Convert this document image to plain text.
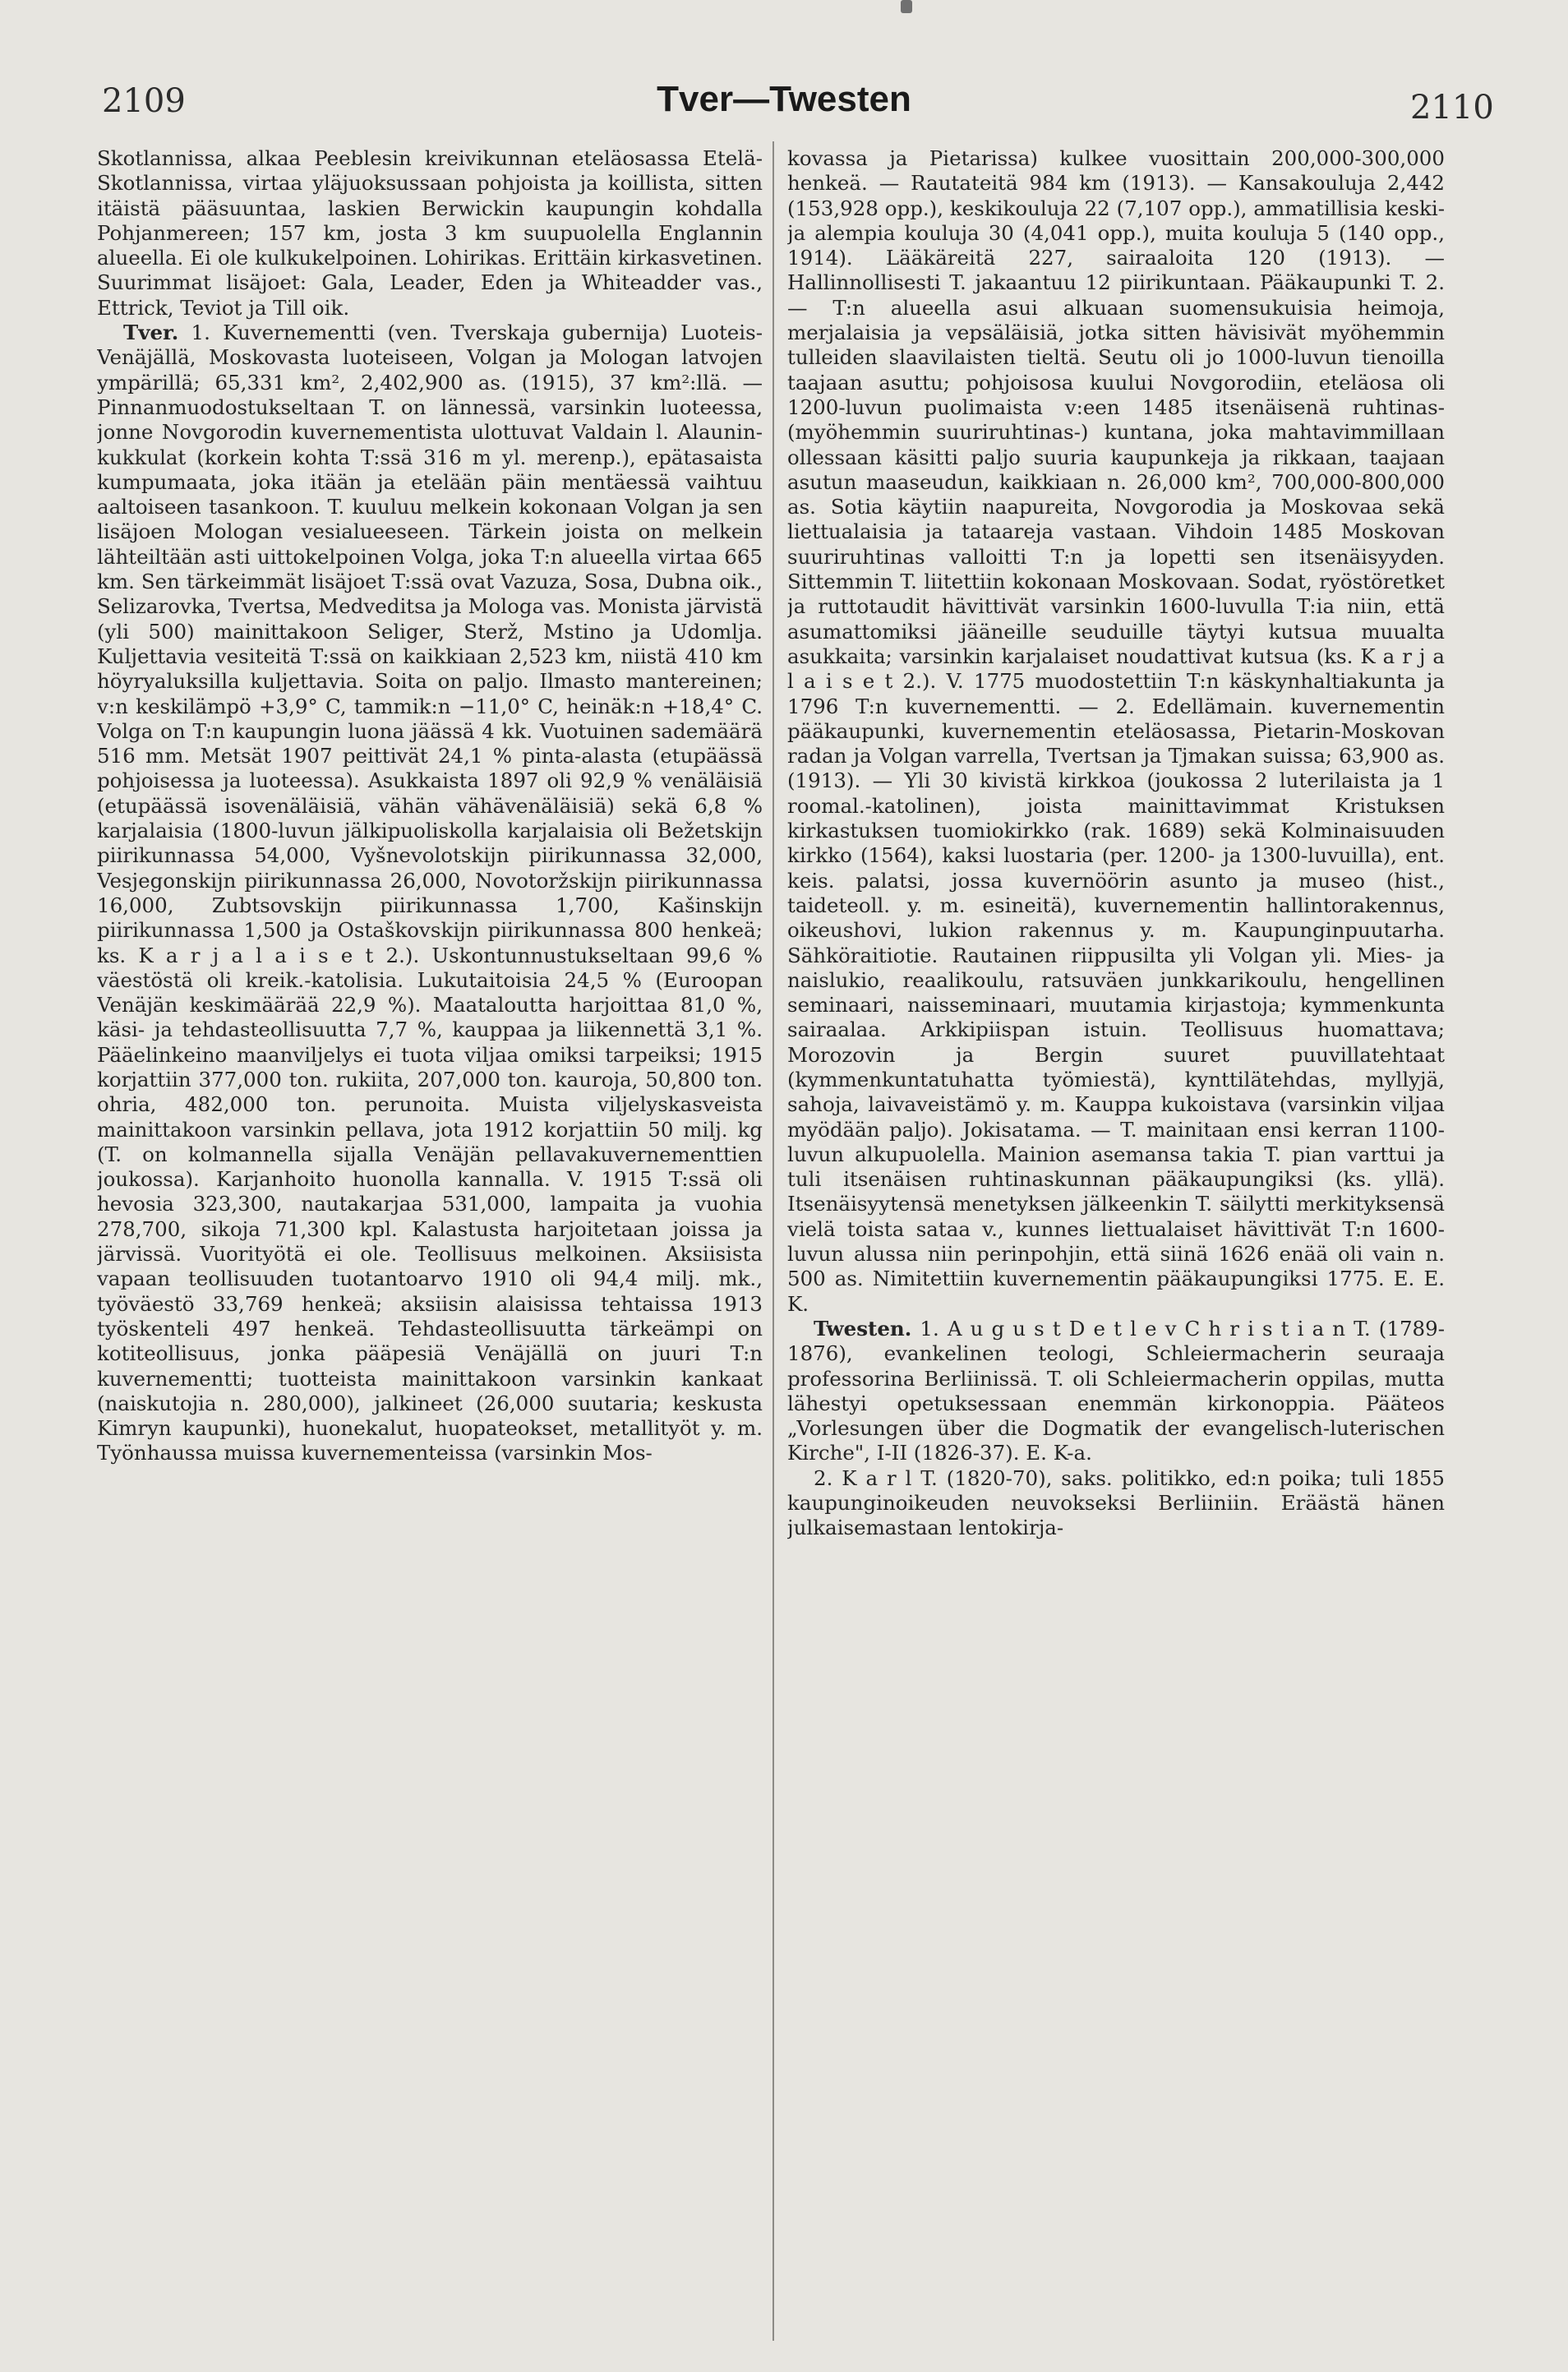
2109	Tver—Twesten	2110

Skotlannissa, alkaa Peeblesin kreivikunnan eteläosassa Etelä-Skotlannissa, virtaa yläjuoksussaan pohjoista ja koillista, sitten itäistä pääsuuntaa, laskien Berwickin kaupungin kohdalla Pohjanmereen; 157 km, josta 3 km suupuolella Englannin alueella. Ei ole kulkukelpoinen. Lohirikas. Erittäin kirkasvetinen. Suurimmat lisäjoet: Gala, Leader, Eden ja Whiteadder vas., Ettrick, Teviot ja Till oik.

Tver. 1. Kuvernementti (ven. Tverskaja gubernija) Luoteis-Venäjällä, Moskovasta luoteiseen, Volgan ja Mologan latvojen ympärillä; 65,331 km², 2,402,900 as. (1915), 37 km²:llä. — Pinnanmuodostukseltaan T. on lännessä, varsinkin luoteessa, jonne Novgorodin kuvernementista ulottuvat Valdain l. Alaunin-kukkulat (korkein kohta T:ssä 316 m yl. merenp.), epätasaista kumpumaata, joka itään ja etelään päin mentäessä vaihtuu aaltoiseen tasankoon. T. kuuluu melkein kokonaan Volgan ja sen lisäjoen Mologan vesialueeseen. Tärkein joista on melkein lähteiltään asti uittokelpoinen Volga, joka T:n alueella virtaa 665 km. Sen tärkeimmät lisäjoet T:ssä ovat Vazuza, Sosa, Dubna oik., Selizarovka, Tvertsa, Medveditsa ja Mologa vas. Monista järvistä (yli 500) mainittakoon Seliger, Sterž, Mstino ja Udomlja. Kuljettavia vesiteitä T:ssä on kaikkiaan 2,523 km, niistä 410 km höyryaluksilla kuljettavia. Soita on paljo. Ilmasto mantereinen; v:n keskilämpö +3,9° C, tammik:n −11,0° C, heinäk:n +18,4° C. Volga on T:n kaupungin luona jäässä 4 kk. Vuotuinen sademäärä 516 mm. Metsät 1907 peittivät 24,1 % pinta-alasta (etupäässä pohjoisessa ja luoteessa). Asukkaista 1897 oli 92,9 % venäläisiä (etupäässä isovenäläisiä, vähän vähävenäläisiä) sekä 6,8 % karjalaisia (1800-luvun jälkipuoliskolla karjalaisia oli Bežetskijn piirikunnassa 54,000, Vyšnevolotskijn piirikunnassa 32,000, Vesjegonskijn piirikunnassa 26,000, Novotoržskijn piirikunnassa 16,000, Zubtsovskijn piirikunnassa 1,700, Kašinskijn piirikunnassa 1,500 ja Ostaškovskijn piirikunnassa 800 henkeä; ks. K a r j a l a i s e t 2.). Uskontunnustukseltaan 99,6 % väestöstä oli kreik.-katolisia. Lukutaitoisia 24,5 % (Euroopan Venäjän keskimäärää 22,9 %). Maataloutta harjoittaa 81,0 %, käsi- ja tehdasteollisuutta 7,7 %, kauppaa ja liikennettä 3,1 %. Pääelinkeino maanviljelys ei tuota viljaa omiksi tarpeiksi; 1915 korjattiin 377,000 ton. rukiita, 207,000 ton. kauroja, 50,800 ton. ohria, 482,000 ton. perunoita. Muista viljelyskasveista mainittakoon varsinkin pellava, jota 1912 korjattiin 50 milj. kg (T. on kolmannella sijalla Venäjän pellavakuvernementtien joukossa). Karjanhoito huonolla kannalla. V. 1915 T:ssä oli hevosia 323,300, nautakarjaa 531,000, lampaita ja vuohia 278,700, sikoja 71,300 kpl. Kalastusta harjoitetaan joissa ja järvissä. Vuorityötä ei ole. Teollisuus melkoinen. Aksiisista vapaan teollisuuden tuotantoarvo 1910 oli 94,4 milj. mk., työväestö 33,769 henkeä; aksiisin alaisissa tehtaissa 1913 työskenteli 497 henkeä. Tehdasteollisuutta tärkeämpi on kotiteollisuus, jonka pääpesiä Venäjällä on juuri T:n kuvernementti; tuotteista mainittakoon varsinkin kankaat (naiskutojia n. 280,000), jalkineet (26,000 suutaria; keskusta Kimryn kaupunki), huonekalut, huopateokset, metallityöt y. m. Työnhaussa muissa kuvernementeissa (varsinkin Mos-

kovassa ja Pietarissa) kulkee vuosittain 200,000-300,000 henkeä. — Rautateitä 984 km (1913). — Kansakouluja 2,442 (153,928 opp.), keskikouluja 22 (7,107 opp.), ammatillisia keski- ja alempia kouluja 30 (4,041 opp.), muita kouluja 5 (140 opp., 1914). Lääkäreitä 227, sairaaloita 120 (1913). — Hallinnollisesti T. jakaantuu 12 piirikuntaan. Pääkaupunki T. 2. — T:n alueella asui alkuaan suomensukuisia heimoja, merjalaisia ja vepsäläisiä, jotka sitten hävisivät myöhemmin tulleiden slaavilaisten tieltä. Seutu oli jo 1000-luvun tienoilla taajaan asuttu; pohjoisosa kuului Novgorodiin, eteläosa oli 1200-luvun puolimaista v:een 1485 itsenäisenä ruhtinas- (myöhemmin suuriruhtinas-) kuntana, joka mahtavimmillaan ollessaan käsitti paljo suuria kaupunkeja ja rikkaan, taajaan asutun maaseudun, kaikkiaan n. 26,000 km², 700,000-800,000 as. Sotia käytiin naapureita, Novgorodia ja Moskovaa sekä liettualaisia ja tataareja vastaan. Vihdoin 1485 Moskovan suuriruhtinas valloitti T:n ja lopetti sen itsenäisyyden. Sittemmin T. liitettiin kokonaan Moskovaan. Sodat, ryöstöretket ja ruttotaudit hävittivät varsinkin 1600-luvulla T:ia niin, että asumattomiksi jääneille seuduille täytyi kutsua muualta asukkaita; varsinkin karjalaiset noudattivat kutsua (ks. K a r j a l a i s e t 2.). V. 1775 muodostettiin T:n käskynhaltiakunta ja 1796 T:n kuvernementti. — 2. Edellämain. kuvernementin pääkaupunki, kuvernementin eteläosassa, Pietarin-Moskovan radan ja Volgan varrella, Tvertsan ja Tjmakan suissa; 63,900 as. (1913). — Yli 30 kivistä kirkkoa (joukossa 2 luterilaista ja 1 roomal.-katolinen), joista mainittavimmat Kristuksen kirkastuksen tuomiokirkko (rak. 1689) sekä Kolminaisuuden kirkko (1564), kaksi luostaria (per. 1200- ja 1300-luvuilla), ent. keis. palatsi, jossa kuvernöörin asunto ja museo (hist., taideteoll. y. m. esineitä), kuvernementin hallintorakennus, oikeushovi, lukion rakennus y. m. Kaupunginpuutarha. Sähköraitiotie. Rautainen riippusilta yli Volgan yli. Mies- ja naislukio, reaalikoulu, ratsuväen junkkarikoulu, hengellinen seminaari, naisseminaari, muutamia kirjastoja; kymmenkunta sairaalaa. Arkkipiispan istuin. Teollisuus huomattava; Morozovin ja Bergin suuret puuvillatehtaat (kymmenkuntatuhatta työmiestä), kynttilätehdas, myllyjä, sahoja, laivaveistämö y. m. Kauppa kukoistava (varsinkin viljaa myödään paljo). Jokisatama. — T. mainitaan ensi kerran 1100-luvun alkupuolella. Mainion asemansa takia T. pian varttui ja tuli itsenäisen ruhtinaskunnan pääkaupungiksi (ks. yllä). Itsenäisyytensä menetyksen jälkeenkin T. säilytti merkityksensä vielä toista sataa v., kunnes liettualaiset hävittivät T:n 1600-luvun alussa niin perinpohjin, että siinä 1626 enää oli vain n. 500 as. Nimitettiin kuvernementin pääkaupungiksi 1775. E. E. K.

Twesten. 1. A u g u s t D e t l e v C h r i s t i a n T. (1789-1876), evankelinen teologi, Schleiermacherin seuraaja professorina Berliinissä. T. oli Schleiermacherin oppilas, mutta lähestyi opetuksessaan enemmän kirkonoppia. Pääteos „Vorlesungen über die Dogmatik der evangelisch-luterischen Kirche", I-II (1826-37). E. K-a.

2. K a r l T. (1820-70), saks. politikko, ed:n poika; tuli 1855 kaupunginoikeuden neuvokseksi Berliiniin. Eräästä hänen julkaisemastaan lentokirja-
